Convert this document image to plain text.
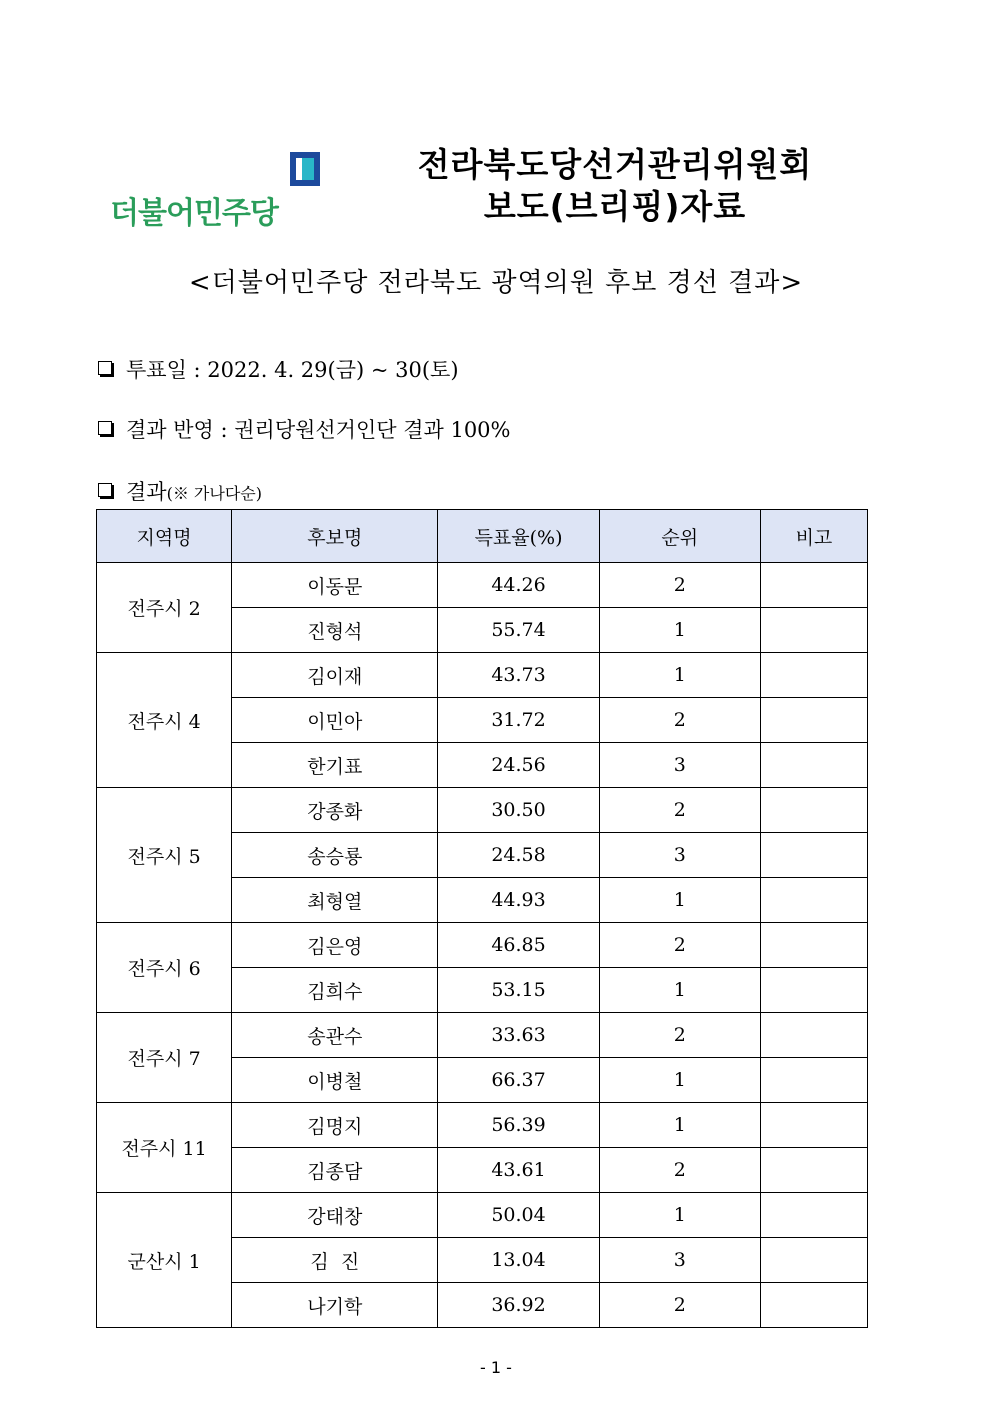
더불어민주당
전라북도당선거관리위원회
보도(브리핑)자료
<더불어민주당 전라북도 광역의원 후보 경선 결과>
투표일 : 2022. 4. 29(금) ~ 30(토)
결과 반영 : 권리당원선거인단 결과 100%
결과(※ 가나다순)
지역명	후보명	득표율(%)	순위	비고
전주시 2	이동문	44.26	2	
	진형석	55.74	1	
전주시 4	김이재	43.73	1	
	이민아	31.72	2	
	한기표	24.56	3	
전주시 5	강종화	30.50	2	
	송승룡	24.58	3	
	최형열	44.93	1	
전주시 6	김은영	46.85	2	
	김희수	53.15	1	
전주시 7	송관수	33.63	2	
	이병철	66.37	1	
전주시 11	김명지	56.39	1	
	김종담	43.61	2	
군산시 1	강태창	50.04	1	
	김  진	13.04	3	
	나기학	36.92	2	
- 1 -
